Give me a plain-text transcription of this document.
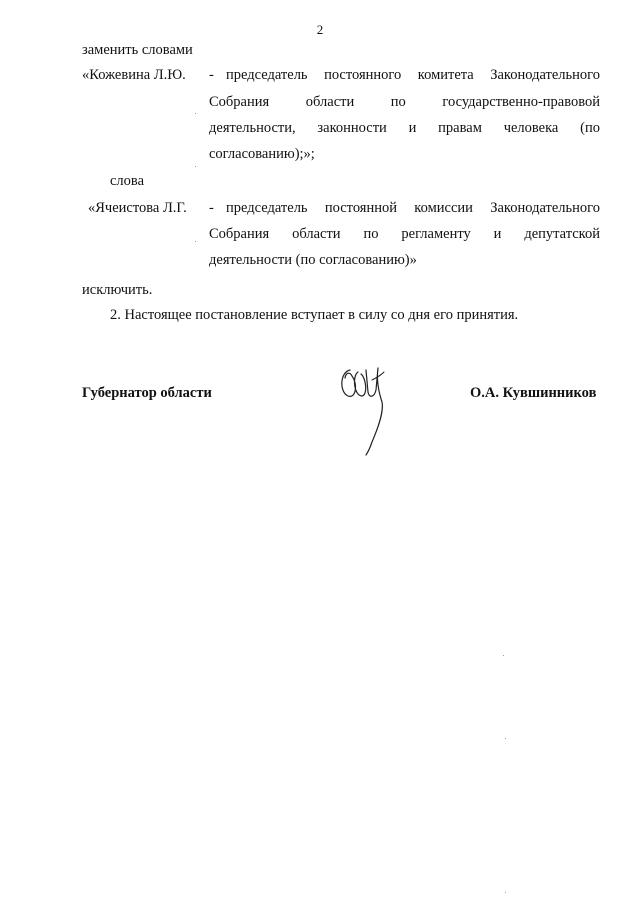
2
заменить словами
«Кожевина Л.Ю. - председатель постоянного комитета Законодательного
Собрания области по государственно-правовой
деятельности, законности и правам человека (по
согласованию);»;
слова
«Ячеистова Л.Г. - председатель постоянной комиссии Законодательного
Собрания области по регламенту и депутатской
деятельности (по согласованию)»
исключить.
2. Настоящее постановление вступает в силу со дня его принятия.
Губернатор области	О.А. Кувшинников
